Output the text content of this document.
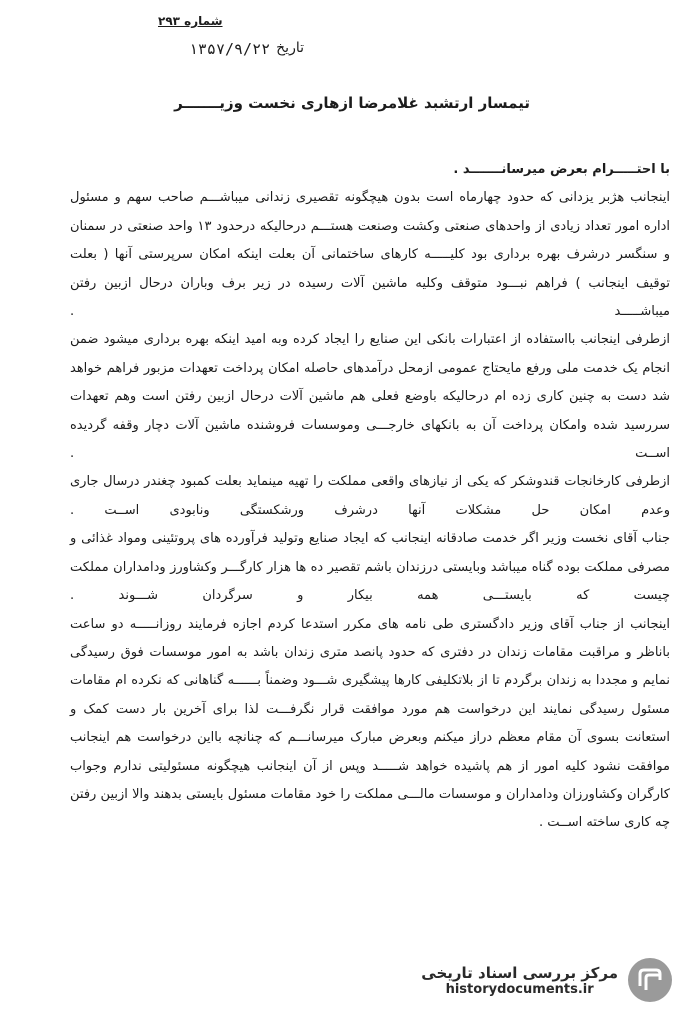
شماره ۲۹۳
تاریخ
۱۳۵۷/۹/۲۲
تیمسار ارتشبد غلامرضا ازهاری نخست وزیـــــــر

با احتـــــرام بعرض میرسانـــــــد .

اینجانب هژبر یزدانی که حدود چهارماه است بدون هیچگونه تقصیری زندانی میباشـــم صاحب سهم و مسئول اداره امور تعداد زیادی از واحدهای صنعتی وکشت وصنعت هستـــم درحالیکه درحدود ۱۳ واحد صنعتی در سمنان و سنگسر درشرف بهره برداری بود کلیـــــه کارهای ساختمانی آن بعلت اینکه امکان سرپرستی آنها ( بعلت توقیف اینجانب ) فراهم نبـــود متوقف وکلیه ماشین آلات رسیده در زیر برف وباران درحال ازبین رفتن میباشـــــد .

ازطرفی اینجانب بااستفاده از اعتبارات بانکی این صنایع را ایجاد کرده وبه امید اینکه بهره برداری میشود ضمن انجام یک خدمت ملی ورفع مایحتاج عمومی ازمحل درآمدهای حاصله امکان پرداخت تعهدات مزبور فراهم خواهد شد دست به چنین کاری زده ام درحالیکه باوضع فعلی هم ماشین آلات درحال ازبین رفتن است وهم تعهدات سررسید شده وامکان پرداخت آن به بانکهای خارجـــی وموسسات فروشنده ماشین آلات دچار وقفه گردیده اســت .

ازطرفی کارخانجات قندوشکر که یکی از نیازهای واقعی مملکت را تهیه مینماید بعلت کمبود چغندر درسال جاری وعدم امکان حل مشکلات آنها درشرف ورشکستگی ونابودی اســت .

جناب آقای نخست وزیر اگر خدمت صادقانه اینجانب که ایجاد صنایع وتولید فرآورده های پروتئینی ومواد غذائی و مصرفی مملکت بوده گناه میباشد وبایستی درزندان باشم تقصیر ده ها هزار کارگـــر وکشاورز ودامداران مملکت چیست که بایستـــی همه بیکار و سرگردان شـــوند .

اینجانب از جناب آقای وزیر دادگستری طی نامه های مکرر استدعا کردم اجازه فرمایند روزانـــــه دو ساعت باناظر و مراقبت مقامات زندان در دفتری که حدود پانصد متری زندان باشد به امور موسسات فوق رسیدگی نمایم و مجددا به زندان برگردم تا از بلاتکلیفی کارها پیشگیری شـــود وضمناً بــــــه گناهانی که نکرده ام مقامات مسئول رسیدگی نمایند این درخواست هم مورد موافقت قرار نگرفـــت لذا برای آخرین بار دست کمک و استعانت بسوی آن مقام معظم دراز میکنم وبعرض مبارک میرسانـــم که چنانچه بااین درخواست هم اینجانب موافقت نشود کلیه امور از هم پاشیده خواهد شـــــد وپس از آن اینجانب هیچگونه مسئولیتی ندارم وجواب کارگران وکشاورزان ودامداران و موسسات مالـــی مملکت را خود مقامات مسئول بایستی بدهند والا ازبین رفتن چه کاری ساخته اســت .

مرکز بررسی اسناد تاریخی
historydocuments.ir
